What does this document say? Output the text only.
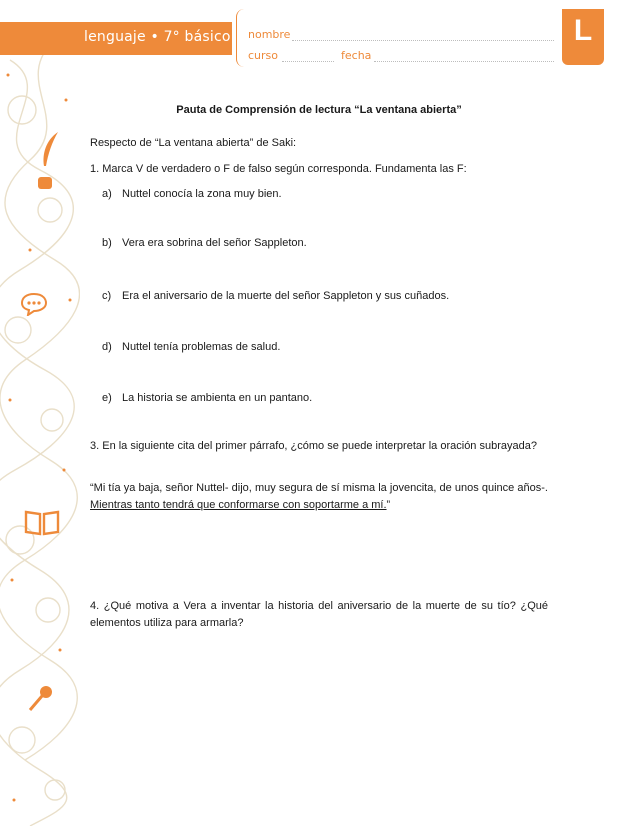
lenguaje • 7° básico nombre
curso	fecha
L
Pauta de Comprensión de lectura “La ventana abierta”
Respecto de “La ventana abierta” de Saki:
1. Marca V de verdadero o F de falso según corresponda. Fundamenta las F:
a) Nuttel conocía la zona muy bien.
b) Vera era sobrina del señor Sappleton.
c) Era el aniversario de la muerte del señor Sappleton y sus cuñados.
d) Nuttel tenía problemas de salud.
e) La historia se ambienta en un pantano.
3. En la siguiente cita del primer párrafo, ¿cómo se puede interpretar la oración subrayada?
“Mi tía ya baja, señor Nuttel- dijo, muy segura de sí misma la jovencita, de unos quince años-. Mientras tanto tendrá que conformarse con soportarme a mí.”
4. ¿Qué motiva a Vera a inventar la historia del aniversario de la muerte de su tío? ¿Qué elementos utiliza para armarla?
